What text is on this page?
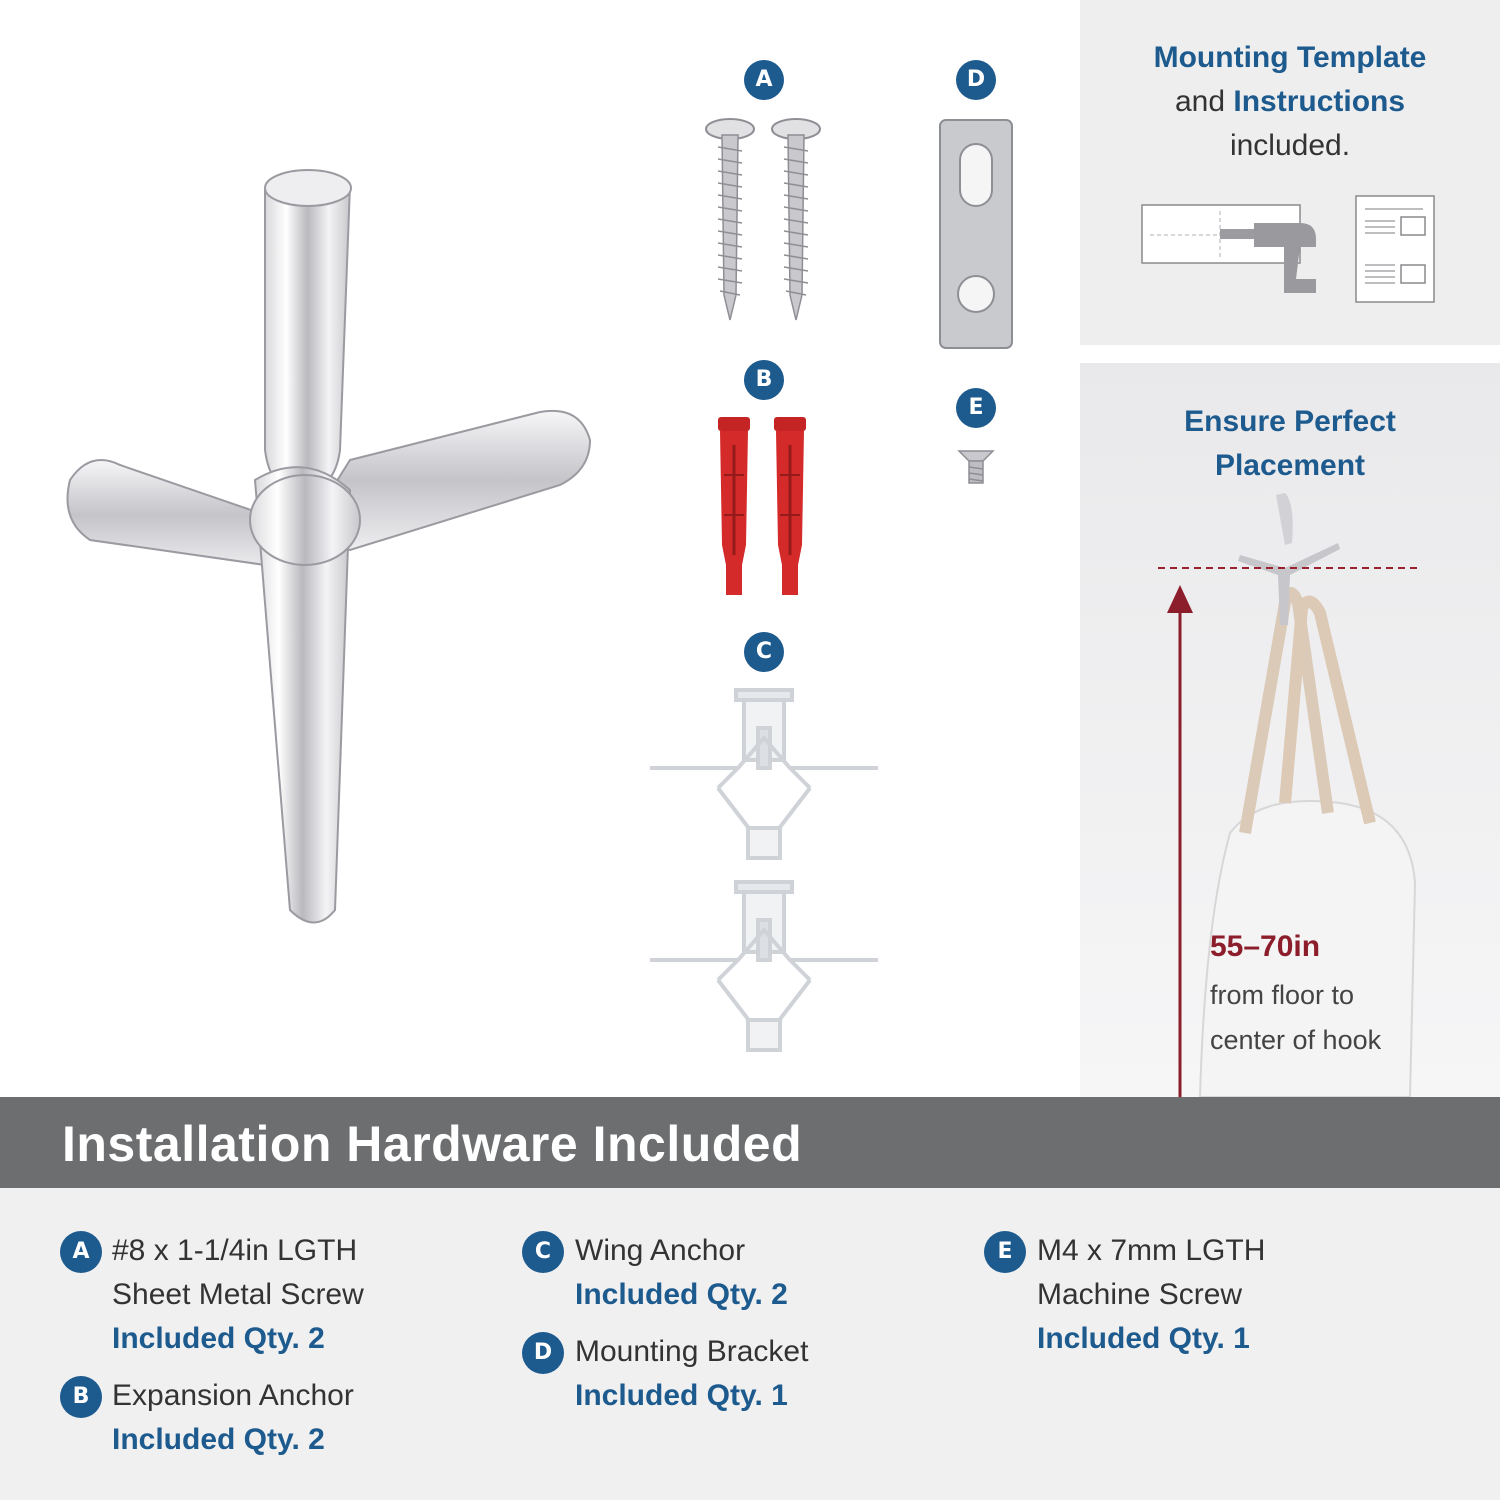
A
B
C
D
E
Mounting Template
and Instructions
included.
Ensure Perfect
Placement
55–70in
from floor to
center of hook
Installation Hardware Included
A #8 x 1-1/4in LGTH
Sheet Metal Screw
Included Qty. 2
B Expansion Anchor
Included Qty. 2
C Wing Anchor
Included Qty. 2
D Mounting Bracket
Included Qty. 1
E M4 x 7mm LGTH
Machine Screw
Included Qty. 1
